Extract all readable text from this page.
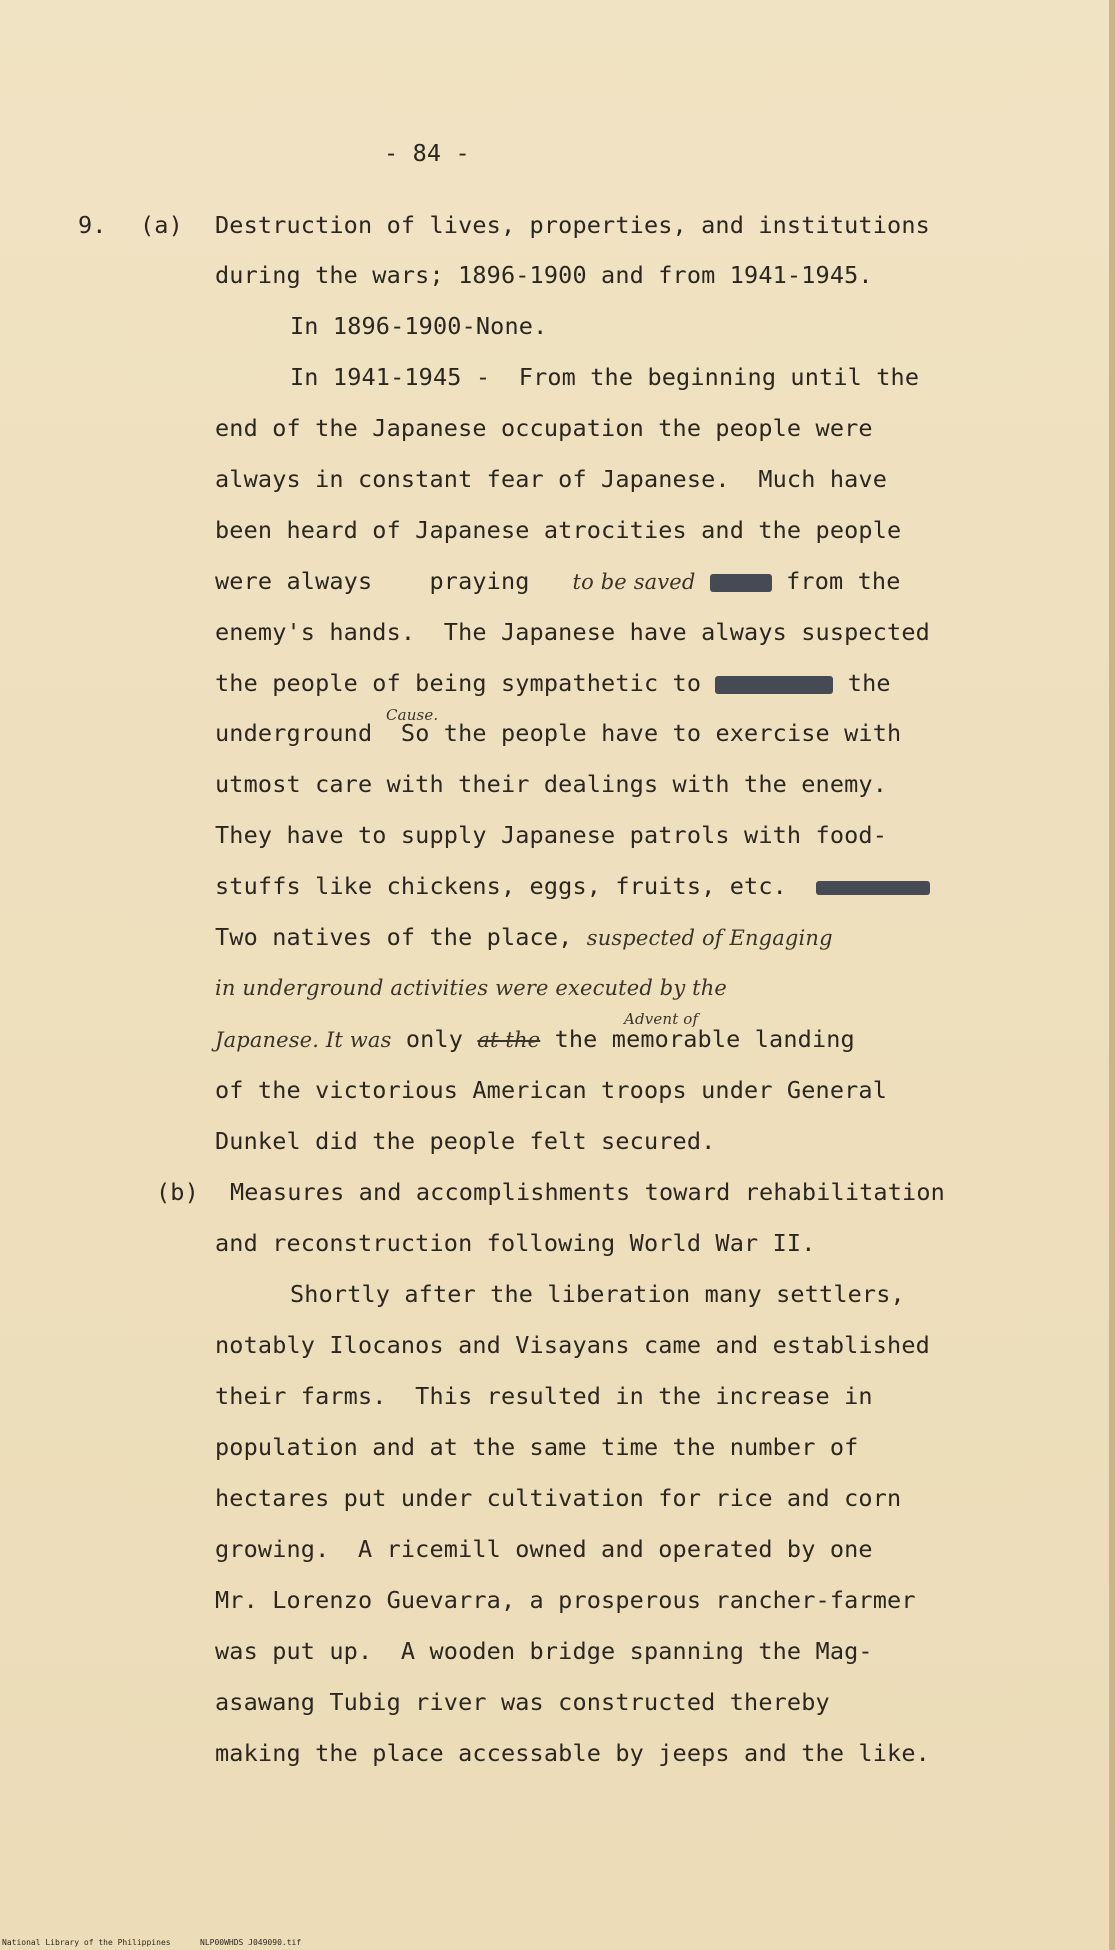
- 84 -
9. (a) Destruction of lives, properties, and institutions
during the wars; 1896-1900 and from 1941-1945.
In 1896-1900-None.
In 1941-1945 -  From the beginning until the
end of the Japanese occupation the people were
always in constant fear of Japanese.  Much have
been heard of Japanese atrocities and the people
were always praying to be saved	from the
enemy's hands.  The Japanese have always suspected
the people of being sympathetic to	the
Cause.
underground So the people have to exercise with
utmost care with their dealings with the enemy.
They have to supply Japanese patrols with food-
stuffs like chickens, eggs, fruits, etc.
Two natives of the place, suspected of Engaging
in underground activities were executed by the
Advent of
Japanese. It was only at the the memorable landing
of the victorious American troops under General
Dunkel did the people felt secured.
(b) Measures and accomplishments toward rehabilitation
and reconstruction following World War II.
Shortly after the liberation many settlers,
notably Ilocanos and Visayans came and established
their farms.  This resulted in the increase in
population and at the same time the number of
hectares put under cultivation for rice and corn
growing.  A ricemill owned and operated by one
Mr. Lorenzo Guevarra, a prosperous rancher-farmer
was put up.  A wooden bridge spanning the Mag-
asawang Tubig river was constructed thereby
making the place accessable by jeeps and the like.
National Library of the Philippines	NLP00WHDS J049090.tif
